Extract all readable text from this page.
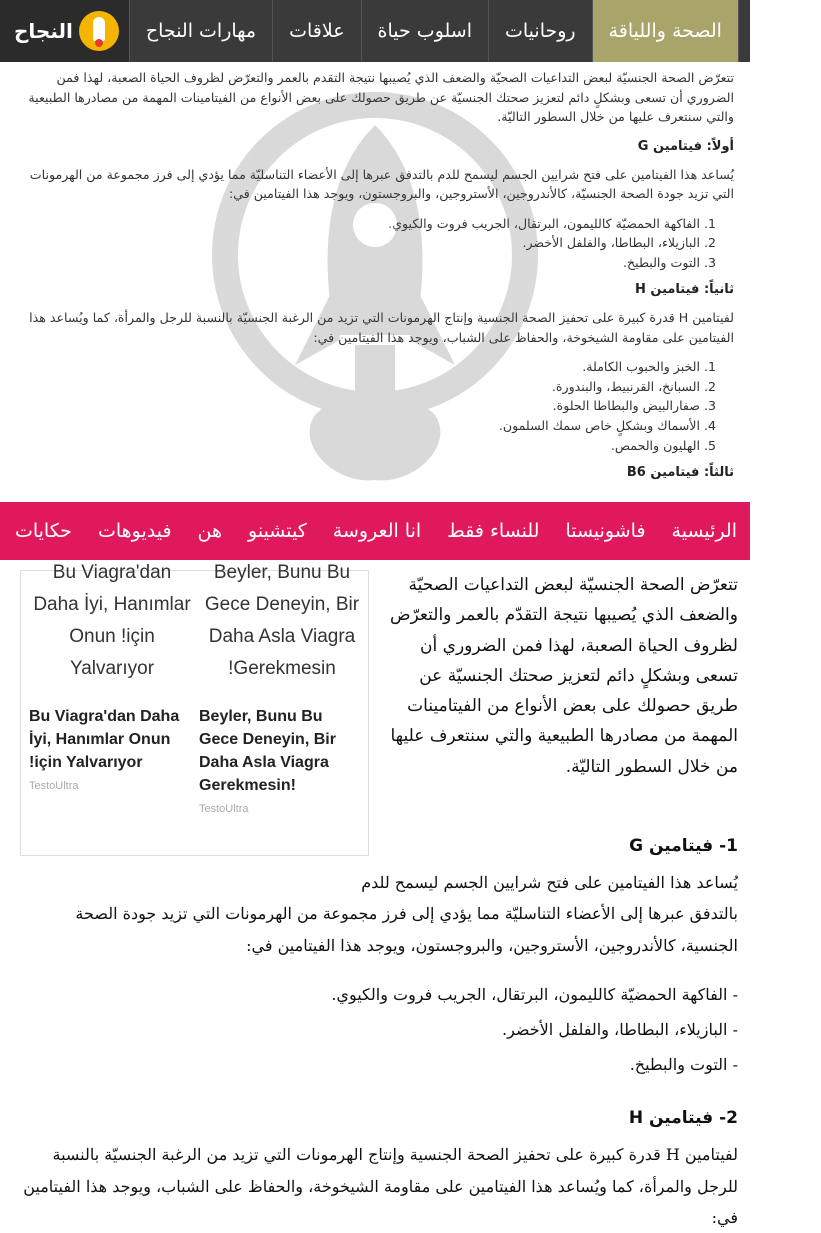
النجاح	مهارات النجاح	علاقات	اسلوب حياة	روحانيات	الصحة واللياقة	الصحة

تتعرّض الصحة الجنسيّة لبعض التداعيات الصحيّة والضعف الذي يُصيبها نتيجة التقدم بالعمر والتعرّض لظروف الحياة الصعبة، لهذا فمن الضروري أن تسعى وبشكلٍ دائم لتعزيز صحتك الجنسيّة عن طريق حصولك على بعض الأنواع من الفيتامينات المهمة من مصادرها الطبيعية والتي سنتعرف عليها من خلال السطور التاليّة.

أولاً: فيتامين G

يُساعد هذا الفيتامين على فتح شرايين الجسم ليسمح للدم بالتدفق عبرها إلى الأعضاء التناسليّة مما يؤدي إلى فرز مجموعة من الهرمونات التي تزيد جودة الصحة الجنسيّة، كالأندروجين، الأستروجين، والبروجستون، ويوجد هذا الفيتامين في:

1. الفاكهة الحمضيّة كالليمون، البرتقال، الجريب فروت والكيوي.
2. البازيلاء، البطاطا، والفلفل الأخضر.
3. التوت والبطيخ.
ثانياً: فيتامين H

لفيتامين H قدرة كبيرة على تحفيز الصحة الجنسية وإنتاج الهرمونات التي تزيد من الرغبة الجنسيّة بالنسبة للرجل والمرأة، كما ويُساعد هذا الفيتامين على مقاومة الشيخوخة، والحفاظ على الشباب، ويوجد هذا الفيتامين في:

1. الخبز والحبوب الكاملة.
2. السبانخ، القرنبيط، والبندورة.
3. صفارالبيض والبطاطا الحلوة.
4. الأسماك وبشكلٍ خاص سمك السلمون.
5. الهليون والحمص.
ثالثاً: فيتامين B6
الرئيسية
فاشونيستا
للنساء فقط
انا العروسة
كيتشينو
هن
فيديوهات
حكايات

تتعرّض الصحة الجنسيّة لبعض التداعيات الصحيّة والضعف الذي يُصيبها نتيجة التقدّم بالعمر والتعرّض لظروف الحياة الصعبة، لهذا فمن الضروري أن تسعى وبشكلٍ دائم لتعزيز صحتك الجنسيّة عن طريق حصولك على بعض الأنواع من الفيتامينات المهمة من مصادرها الطبيعية والتي سنتعرف عليها من خلال السطور التاليّة.

Bu Viagra'dan
Daha İyi, Hanımlar Onun !için Yalvarıyor
Bu Viagra'dan Daha İyi, Hanımlar Onun !için Yalvarıyor
TestoUltra
Beyler, Bunu Bu
Gece Deneyin, Bir Daha Asla Viagra !Gerekmesin
Beyler, Bunu Bu Gece Deneyin, Bir Daha Asla Viagra Gerekmesin!
TestoUltra
1- فيتامين G

يُساعد هذا الفيتامين على فتح شرايين الجسم ليسمح للدم

بالتدفق عبرها إلى الأعضاء التناسليّة مما يؤدي إلى فرز مجموعة من الهرمونات التي تزيد جودة الصحة الجنسية، كالأندروجين، الأستروجين، والبروجستون، ويوجد هذا الفيتامين في:

- الفاكهة الحمضيّة كالليمون، البرتقال، الجريب فروت والكيوي.
- البازيلاء، البطاطا، والفلفل الأخضر.
- التوت والبطيخ.
2- فيتامين H

لفيتامين H قدرة كبيرة على تحفيز الصحة الجنسية وإنتاج الهرمونات التي تزيد من الرغبة الجنسيّة بالنسبة للرجل والمرأة، كما ويُساعد هذا الفيتامين على مقاومة الشيخوخة، والحفاظ على الشباب، ويوجد هذا الفيتامين في:
